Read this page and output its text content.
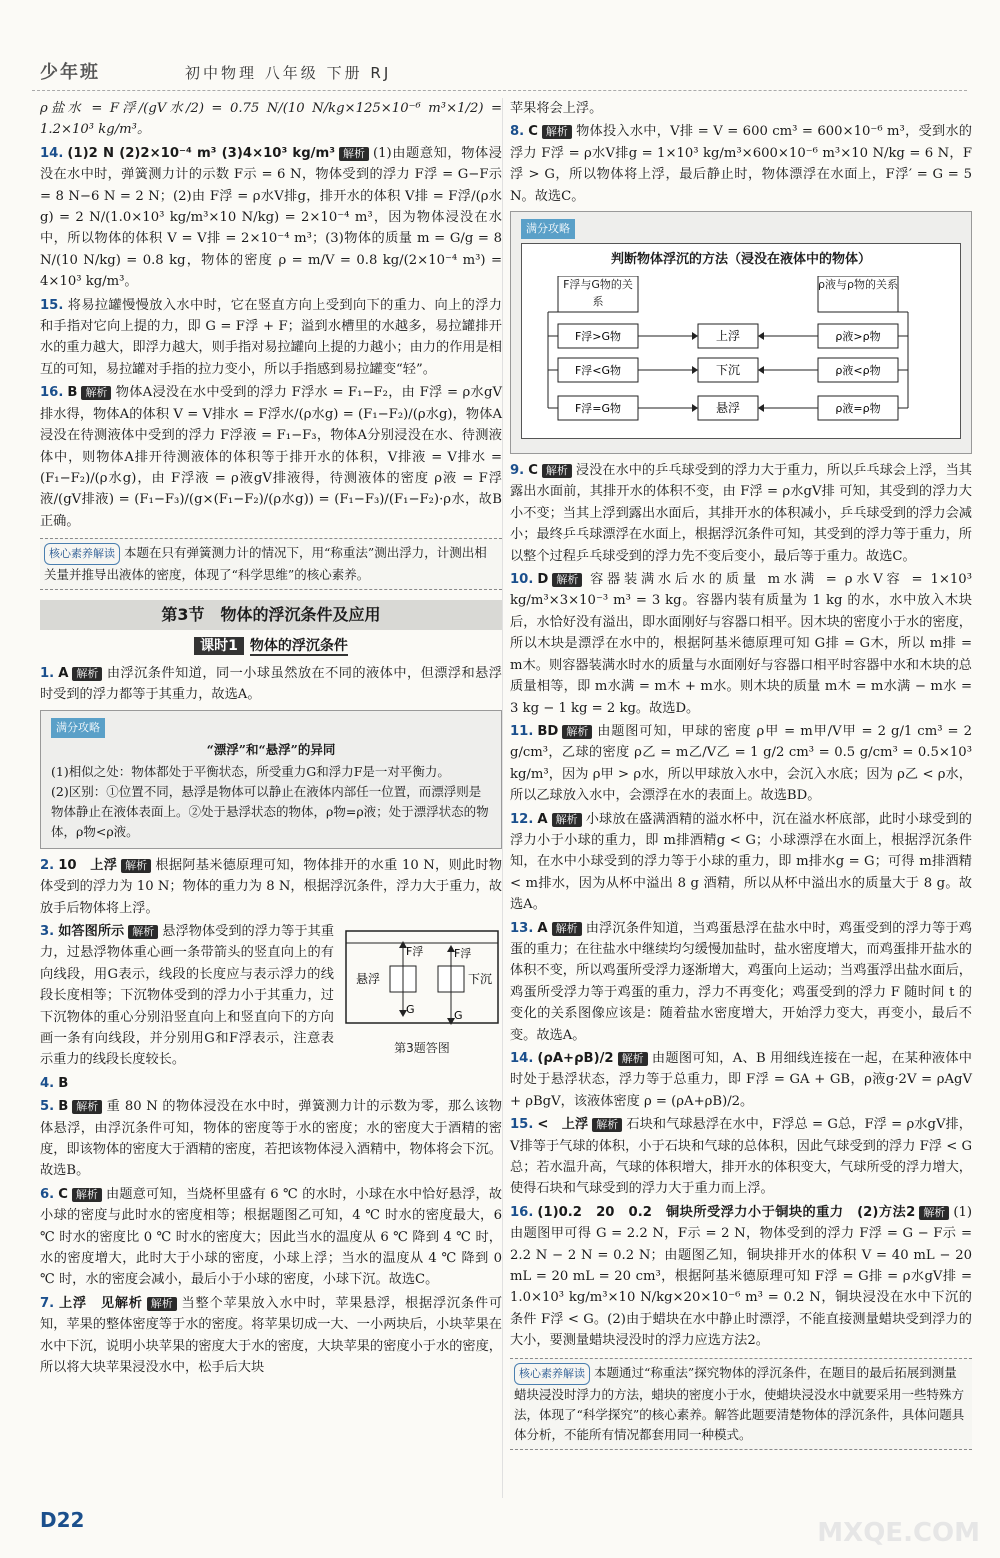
少年班	初中物理 八年级 下册 RJ
ρ盐水 = F浮/(gV水/2) = 0.75 N/(10 N/kg×125×10⁻⁶ m³×1/2) = 1.2×10³ kg/m³。
14. (1)2 N (2)2×10⁻⁴ m³ (3)4×10³ kg/m³ 解析 (1)由题意知，物体浸没在水中时，弹簧测力计的示数 F示 = 6 N，物体受到的浮力 F浮 = G−F示 = 8 N−6 N = 2 N；(2)由 F浮 = ρ水V排g，排开水的体积 V排 = F浮/(ρ水g) = 2 N/(1.0×10³ kg/m³×10 N/kg) = 2×10⁻⁴ m³，因为物体浸没在水中，所以物体的体积 V = V排 = 2×10⁻⁴ m³；(3)物体的质量 m = G/g = 8 N/(10 N/kg) = 0.8 kg，物体的密度 ρ = m/V = 0.8 kg/(2×10⁻⁴ m³) = 4×10³ kg/m³。
15. 将易拉罐慢慢放入水中时，它在竖直方向上受到向下的重力、向上的浮力和手指对它向上提的力，即 G = F浮 + F；溢到水槽里的水越多，易拉罐排开水的重力越大，即浮力越大，则手指对易拉罐向上提的力越小；由力的作用是相互的可知，易拉罐对手指的拉力变小，所以手指感到易拉罐变“轻”。
16. B 解析 物体A浸没在水中受到的浮力 F浮水 = F₁−F₂，由 F浮 = ρ水gV排水得，物体A的体积 V = V排水 = F浮水/(ρ水g) = (F₁−F₂)/(ρ水g)，物体A浸没在待测液体中受到的浮力 F浮液 = F₁−F₃，物体A分别浸没在水、待测液体中，则物体A排开待测液体的体积等于排开水的体积，V排液 = V排水 = (F₁−F₂)/(ρ水g)，由 F浮液 = ρ液gV排液得，待测液体的密度 ρ液 = F浮液/(gV排液) = (F₁−F₃)/(g×(F₁−F₂)/(ρ水g)) = (F₁−F₃)/(F₁−F₂)·ρ水，故B正确。
核心素养解读 本题在只有弹簧测力计的情况下，用“称重法”测出浮力，计测出相关量并推导出液体的密度，体现了“科学思维”的核心素养。
第3节　物体的浮沉条件及应用
课时1 物体的浮沉条件
1. A 解析 由浮沉条件知道，同一小球虽然放在不同的液体中，但漂浮和悬浮时受到的浮力都等于其重力，故选A。
满分攻略
“漂浮”和“悬浮”的异同
(1)相似之处：物体都处于平衡状态，所受重力G和浮力F是一对平衡力。
(2)区别：①位置不同，悬浮是物体可以静止在液体内部任一位置，而漂浮则是物体静止在液体表面上。②处于悬浮状态的物体，ρ物=ρ液；处于漂浮状态的物体，ρ物<ρ液。
2. 10　上浮 解析 根据阿基米德原理可知，物体排开的水重 10 N，则此时物体受到的浮力为 10 N；物体的重力为 8 N，根据浮沉条件，浮力大于重力，故放手后物体将上浮。
悬浮	下沉
F浮	F浮
G	G
第3题答图
3. 如答图所示 解析 悬浮物体受到的浮力等于其重力，过悬浮物体重心画一条带箭头的竖直向上的有向线段，用G表示，线段的长度应与表示浮力的线段长度相等；下沉物体受到的浮力小于其重力，过下沉物体的重心分别沿竖直向上和竖直向下的方向画一条有向线段，并分别用G和F浮表示，注意表示重力的线段长度较长。
4. B
5. B 解析 重 80 N 的物体浸没在水中时，弹簧测力计的示数为零，那么该物体悬浮，由浮沉条件可知，物体的密度等于水的密度；水的密度大于酒精的密度，即该物体的密度大于酒精的密度，若把该物体浸入酒精中，物体将会下沉。故选B。
6. C 解析 由题意可知，当烧杯里盛有 6 ℃ 的水时，小球在水中恰好悬浮，故小球的密度与此时水的密度相等；根据题图乙可知，4 ℃ 时水的密度最大，6 ℃ 时水的密度比 0 ℃ 时水的密度大；因此当水的温度从 6 ℃ 降到 4 ℃ 时，水的密度增大，此时大于小球的密度，小球上浮；当水的温度从 4 ℃ 降到 0 ℃ 时，水的密度会减小，最后小于小球的密度，小球下沉。故选C。
7. 上浮　见解析 解析 当整个苹果放入水中时，苹果悬浮，根据浮沉条件可知，苹果的整体密度等于水的密度。将苹果切成一大、一小两块后，小块苹果在水中下沉，说明小块苹果的密度大于水的密度，大块苹果的密度小于水的密度，所以将大块苹果浸没水中，松手后大块
苹果将会上浮。
8. C 解析 物体投入水中，V排 = V = 600 cm³ = 600×10⁻⁶ m³，受到水的浮力 F浮 = ρ水V排g = 1×10³ kg/m³×600×10⁻⁶ m³×10 N/kg = 6 N，F浮 > G，所以物体将上浮，最后静止时，物体漂浮在水面上，F浮′ = G = 5 N。故选C。
满分攻略
判断物体浮沉的方法（浸没在液体中的物体）
F浮与G物的关系
ρ液与ρ物的关系
F浮>G物	上浮	ρ液>ρ物
F浮<G物	下沉	ρ液<ρ物
F浮=G物	悬浮	ρ液=ρ物
9. C 解析 浸没在水中的乒乓球受到的浮力大于重力，所以乒乓球会上浮，当其露出水面前，其排开水的体积不变，由 F浮 = ρ水gV排 可知，其受到的浮力大小不变；当其上浮到露出水面后，其排开水的体积减小，乒乓球受到的浮力会减小；最终乒乓球漂浮在水面上，根据浮沉条件可知，其受到的浮力等于重力，所以整个过程乒乓球受到的浮力先不变后变小，最后等于重力。故选C。
10. D 解析 容器装满水后水的质量 m水满 = ρ水V容 = 1×10³ kg/m³×3×10⁻³ m³ = 3 kg。容器内装有质量为 1 kg 的水，水中放入木块后，水恰好没有溢出，即水面刚好与容器口相平。因木块的密度小于水的密度，所以木块是漂浮在水中的，根据阿基米德原理可知 G排 = G木，所以 m排 = m木。则容器装满水时水的质量与水面刚好与容器口相平时容器中水和木块的总质量相等，即 m水满 = m木 + m水。则木块的质量 m木 = m水满 − m水 = 3 kg − 1 kg = 2 kg。故选D。
11. BD 解析 由题图可知，甲球的密度 ρ甲 = m甲/V甲 = 2 g/1 cm³ = 2 g/cm³，乙球的密度 ρ乙 = m乙/V乙 = 1 g/2 cm³ = 0.5 g/cm³ = 0.5×10³ kg/m³，因为 ρ甲 > ρ水，所以甲球放入水中，会沉入水底；因为 ρ乙 < ρ水，所以乙球放入水中，会漂浮在水的表面上。故选BD。
12. A 解析 小球放在盛满酒精的溢水杯中，沉在溢水杯底部，此时小球受到的浮力小于小球的重力，即 m排酒精g < G；小球漂浮在水面上，根据浮沉条件知，在水中小球受到的浮力等于小球的重力，即 m排水g = G；可得 m排酒精 < m排水，因为从杯中溢出 8 g 酒精，所以从杯中溢出水的质量大于 8 g。故选A。
13. A 解析 由浮沉条件知道，当鸡蛋悬浮在盐水中时，鸡蛋受到的浮力等于鸡蛋的重力；在往盐水中继续均匀缓慢加盐时，盐水密度增大，而鸡蛋排开盐水的体积不变，所以鸡蛋所受浮力逐渐增大，鸡蛋向上运动；当鸡蛋浮出盐水面后，鸡蛋所受浮力等于鸡蛋的重力，浮力不再变化；鸡蛋受到的浮力 F 随时间 t 的变化的关系图像应该是：随着盐水密度增大，开始浮力变大，再变小，最后不变。故选A。
14. (ρA+ρB)/2 解析 由题图可知，A、B 用细线连接在一起，在某种液体中时处于悬浮状态，浮力等于总重力，即 F浮 = GA + GB，ρ液g·2V = ρAgV + ρBgV，该液体密度 ρ = (ρA+ρB)/2。
15. <　上浮 解析 石块和气球悬浮在水中，F浮总 = G总，F浮 = ρ水gV排，V排等于气球的体积，小于石块和气球的总体积，因此气球受到的浮力 F浮 < G总；若水温升高，气球的体积增大，排开水的体积变大，气球所受的浮力增大，使得石块和气球受到的浮力大于重力而上浮。
16. (1)0.2　20　0.2　铜块所受浮力小于铜块的重力　(2)方法2 解析 (1)由题图甲可得 G = 2.2 N，F示 = 2 N，物体受到的浮力 F浮 = G − F示 = 2.2 N − 2 N = 0.2 N；由题图乙知，铜块排开水的体积 V = 40 mL − 20 mL = 20 mL = 20 cm³，根据阿基米德原理可知 F浮 = G排 = ρ水gV排 = 1.0×10³ kg/m³×10 N/kg×20×10⁻⁶ m³ = 0.2 N，铜块浸没在水中下沉的条件 F浮 < G。(2)由于蜡块在水中静止时漂浮，不能直接测量蜡块受到浮力的大小，要测量蜡块浸没时的浮力应选方法2。
核心素养解读 本题通过“称重法”探究物体的浮沉条件，在题目的最后拓展到测量蜡块浸没时浮力的方法，蜡块的密度小于水，使蜡块浸没水中就要采用一些特殊方法，体现了“科学探究”的核心素养。解答此题要清楚物体的浮沉条件，具体问题具体分析，不能所有情况都套用同一种模式。
D22	MXQE.COM
